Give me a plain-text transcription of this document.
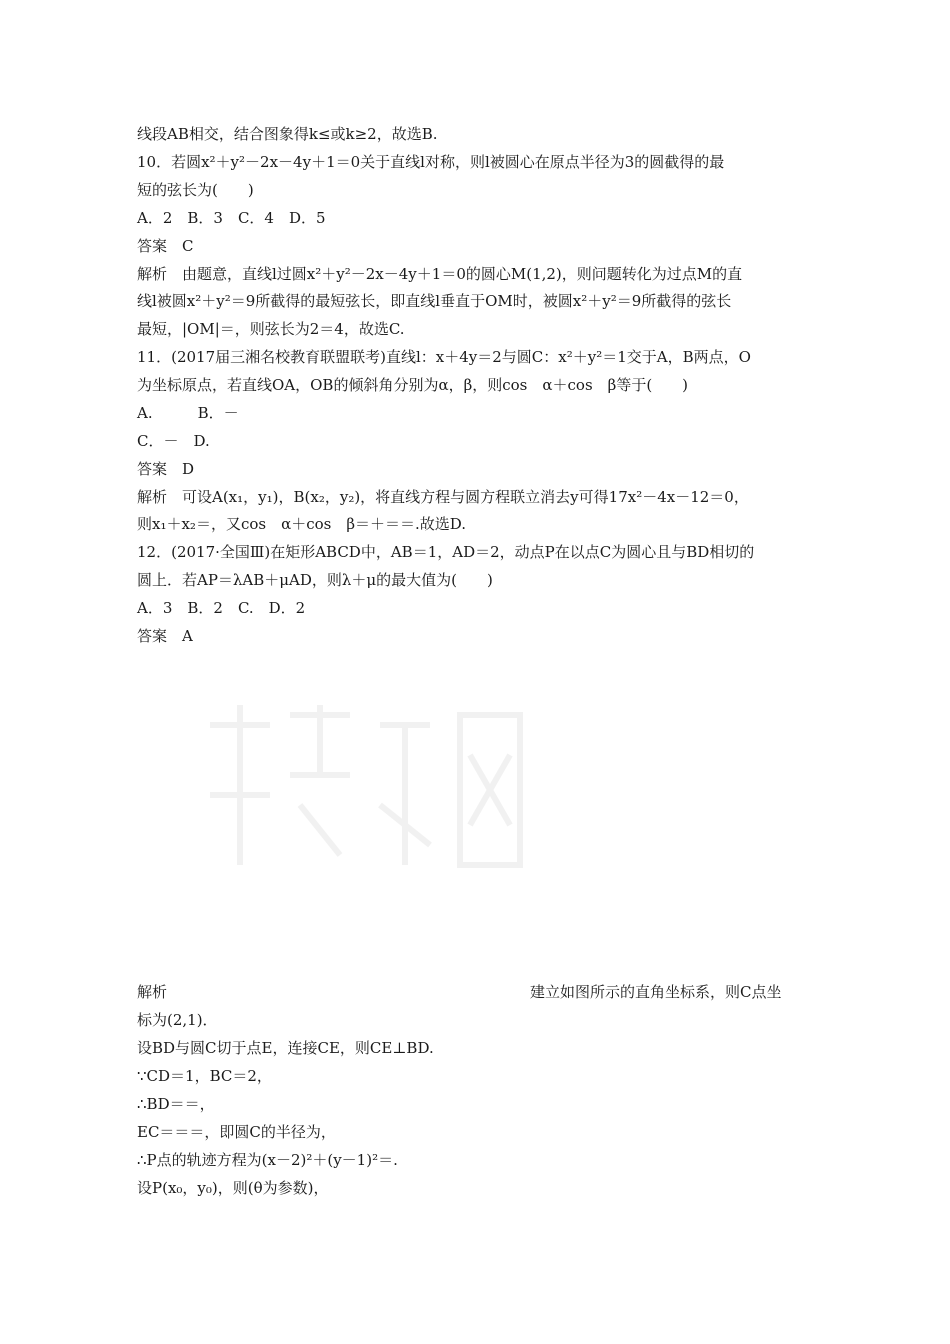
线段AB相交，结合图象得k≤或k≥2，故选B.
10．若圆x²＋y²－2x－4y＋1＝0关于直线l对称，则l被圆心在原点半径为3的圆截得的最
短的弦长为(　　)
A．2　B．3　C．4　D．5
答案　C
解析　由题意，直线l过圆x²＋y²－2x－4y＋1＝0的圆心M(1,2)，则问题转化为过点M的直
线l被圆x²＋y²＝9所截得的最短弦长，即直线l垂直于OM时，被圆x²＋y²＝9所截得的弦长
最短，|OM|＝，则弦长为2＝4，故选C.
11．(2017届三湘名校教育联盟联考)直线l：x＋4y＝2与圆C：x²＋y²＝1交于A，B两点，O
为坐标原点，若直线OA，OB的倾斜角分别为α，β，则cos　α＋cos　β等于(　　)
A.　　　B．－
C．－　D.
答案　D
解析　可设A(x₁，y₁)，B(x₂，y₂)，将直线方程与圆方程联立消去y可得17x²－4x－12＝0，
则x₁＋x₂＝，又cos　α＋cos　β＝＋＝＝.故选D.
12．(2017·全国Ⅲ)在矩形ABCD中，AB＝1，AD＝2，动点P在以点C为圆心且与BD相切的
圆上．若AP＝λAB＋μAD，则λ＋μ的最大值为(　　)
A．3　B．2　C.　D．2
答案　A
解析	建立如图所示的直角坐标系，则C点坐
标为(2,1)．
设BD与圆C切于点E，连接CE，则CE⊥BD.
∵CD＝1，BC＝2，
∴BD＝＝，
EC＝＝＝，即圆C的半径为，
∴P点的轨迹方程为(x－2)²＋(y－1)²＝.
设P(x₀，y₀)，则(θ为参数)，
